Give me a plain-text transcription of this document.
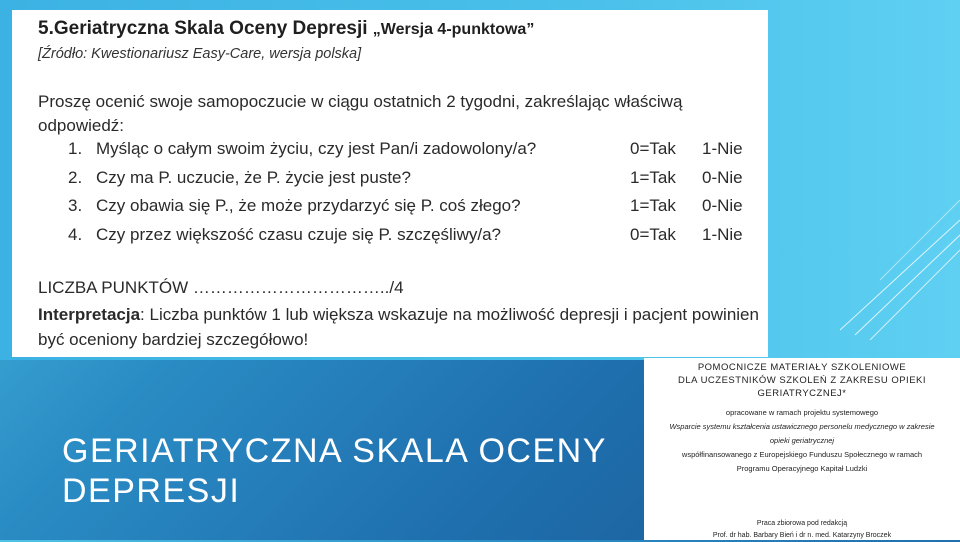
5.Geriatryczna Skala Oceny Depresji „Wersja 4-punktowa”
[Źródło: Kwestionariusz Easy-Care, wersja polska]
Proszę ocenić swoje samopoczucie w ciągu ostatnich 2 tygodni, zakreślając właściwą odpowiedź:
1. Myśląc o całym swoim życiu, czy jest Pan/i zadowolony/a?	0=Tak 1-Nie
2. Czy ma P. uczucie, że P. życie jest puste?	1=Tak 0-Nie
3. Czy obawia się P., że może przydarzyć się P. coś złego?	1=Tak 0-Nie
4. Czy przez większość czasu czuje się P. szczęśliwy/a?	0=Tak 1-Nie
LICZBA PUNKTÓW ……………………………../4
Interpretacja: Liczba punktów 1 lub większa wskazuje na możliwość depresji i pacjent powinien być oceniony bardziej szczegółowo!
GERIATRYCZNA SKALA OCENY DEPRESJI
POMOCNICZE MATERIAŁY SZKOLENIOWE
DLA UCZESTNIKÓW SZKOLEŃ Z ZAKRESU OPIEKI
GERIATRYCZNEJ*
opracowane w ramach projektu systemowego
Wsparcie systemu kształcenia ustawicznego personelu medycznego w zakresie
opieki geriatrycznej
współfinansowanego z Europejskiego Funduszu Społecznego w ramach
Programu Operacyjnego Kapitał Ludzki
Praca zbiorowa pod redakcją
Prof. dr hab. Barbary Bień i dr n. med. Katarzyny Broczek
